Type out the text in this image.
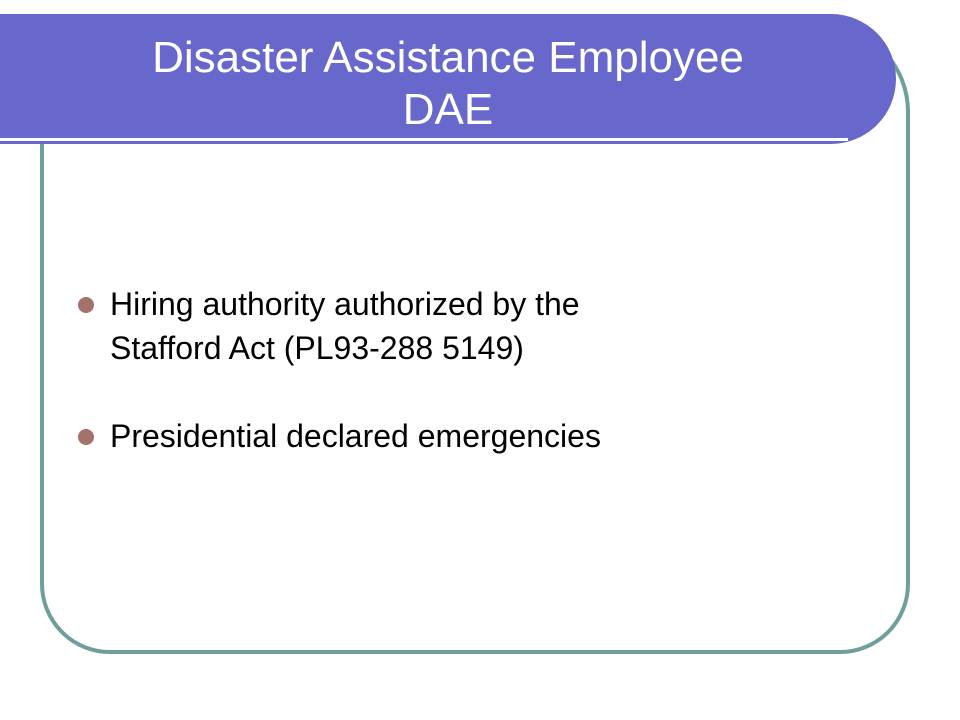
Disaster Assistance Employee
DAE
Hiring authority authorized by the
Stafford Act (PL93-288 5149)
Presidential declared emergencies
